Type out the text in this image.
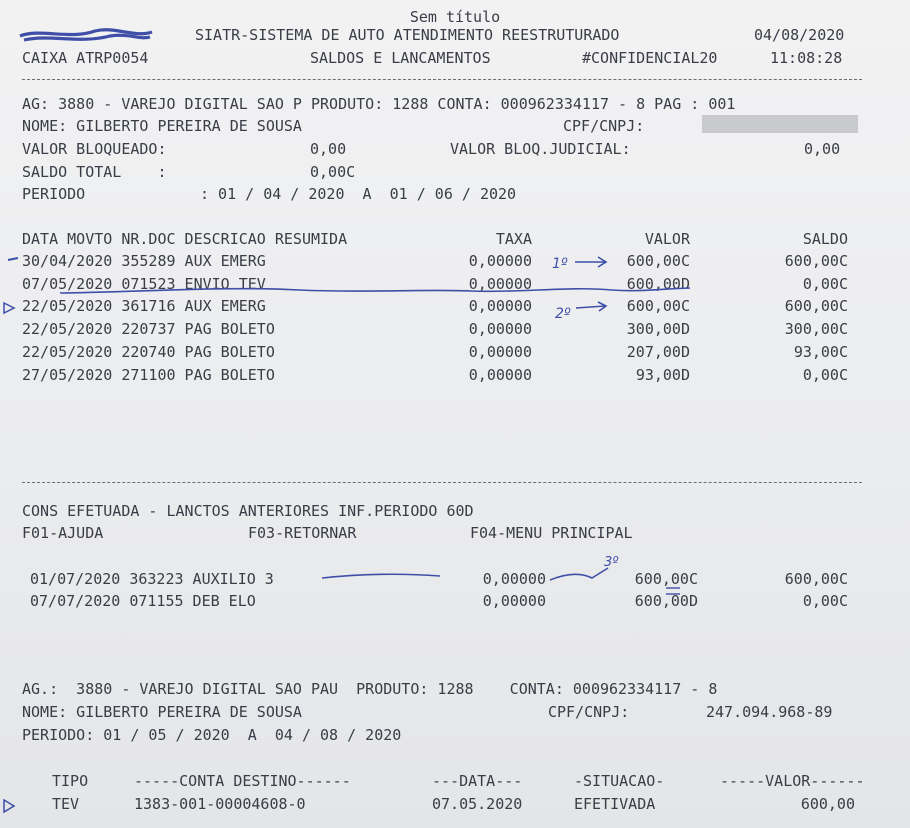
Sem título
SIATR-SISTEMA DE AUTO ATENDIMENTO REESTRUTURADO	04/08/2020
CAIXA ATRP0054	SALDOS E LANCAMENTOS	#CONFIDENCIAL20	11:08:28
AG: 3880 - VAREJO DIGITAL SAO P PRODUTO: 1288 CONTA: 000962334117 - 8 PAG : 001
NOME: GILBERTO PEREIRA DE SOUSA	CPF/CNPJ:
VALOR BLOQUEADO:	0,00	VALOR BLOQ.JUDICIAL:	0,00
SALDO TOTAL    :	0,00C
PERIODO	: 01 / 04 / 2020  A  01 / 06 / 2020
DATA MOVTO NR.DOC DESCRICAO RESUMIDA	TAXA	VALOR	SALDO
30/04/2020 355289 AUX EMERG	0,00000	600,00C	600,00C
07/05/2020 071523 ENVIO TEV	0,00000	600,00D	0,00C
22/05/2020 361716 AUX EMERG	0,00000	600,00C	600,00C
22/05/2020 220737 PAG BOLETO	0,00000	300,00D	300,00C
22/05/2020 220740 PAG BOLETO	0,00000	207,00D	93,00C
27/05/2020 271100 PAG BOLETO	0,00000	93,00D	0,00C
CONS EFETUADA - LANCTOS ANTERIORES INF.PERIODO 60D
F01-AJUDA	F03-RETORNAR	F04-MENU PRINCIPAL
01/07/2020 363223 AUXILIO 3	0,00000	600,00C	600,00C
07/07/2020 071155 DEB ELO	0,00000	600,00D	0,00C
AG.:  3880 - VAREJO DIGITAL SAO PAU  PRODUTO: 1288    CONTA: 000962334117 - 8
NOME: GILBERTO PEREIRA DE SOUSA	CPF/CNPJ:	247.094.968-89
PERIODO: 01 / 05 / 2020  A  04 / 08 / 2020
TIPO	-----CONTA DESTINO------	---DATA---	-SITUACAO-	-----VALOR------
TEV	1383-001-00004608-0	07.05.2020	EFETIVADA	600,00
1º
2º
3º
